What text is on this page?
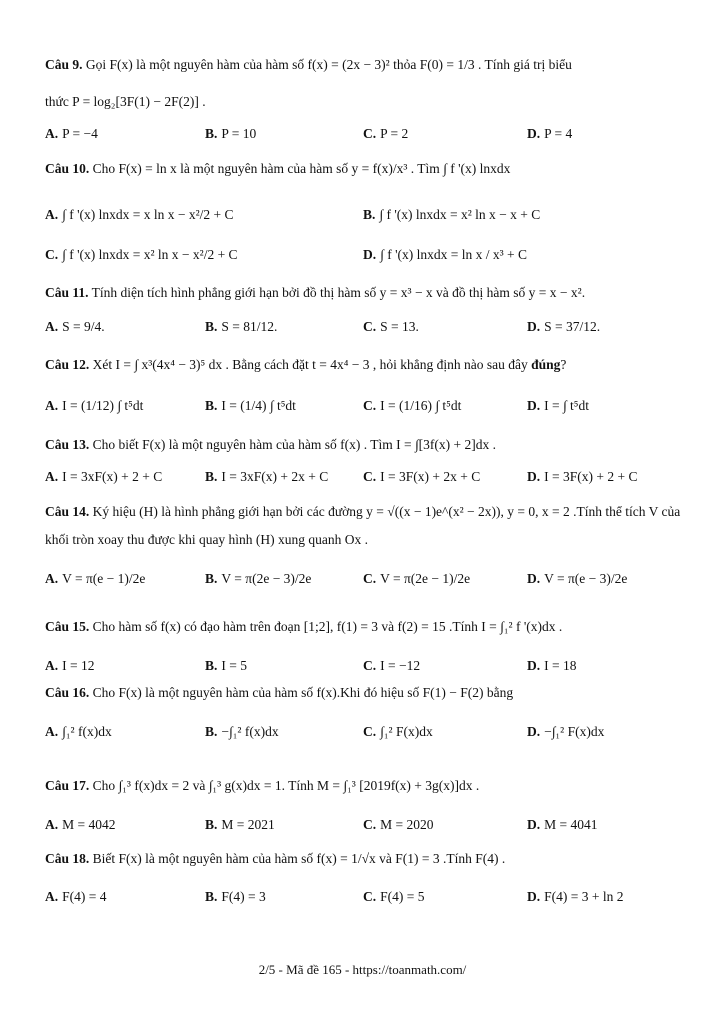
Câu 9. Gọi F(x) là một nguyên hàm của hàm số f(x) = (2x − 3)² thỏa F(0) = 1/3 . Tính giá trị biểu
thức P = log₂[3F(1) − 2F(2)] .
A. P = −4	B. P = 10	C. P = 2	D. P = 4
Câu 10. Cho F(x) = ln x là một nguyên hàm của hàm số y = f(x)/x³ . Tìm ∫ f '(x) lnxdx
A. ∫ f '(x) lnxdx = x ln x − x²/2 + C	B. ∫ f '(x) lnxdx = x² ln x − x + C
C. ∫ f '(x) lnxdx = x² ln x − x²/2 + C	D. ∫ f '(x) lnxdx = ln x / x³ + C
Câu 11. Tính diện tích hình phẳng giới hạn bởi đồ thị hàm số y = x³ − x và đồ thị hàm số y = x − x².
A. S = 9/4.	B. S = 81/12.	C. S = 13.	D. S = 37/12.
Câu 12. Xét I = ∫ x³(4x⁴ − 3)⁵ dx . Bằng cách đặt t = 4x⁴ − 3 , hỏi khẳng định nào sau đây đúng?
A. I = (1/12) ∫ t⁵dt	B. I = (1/4) ∫ t⁵dt	C. I = (1/16) ∫ t⁵dt	D. I = ∫ t⁵dt
Câu 13. Cho biết F(x) là một nguyên hàm của hàm số f(x) . Tìm I = ∫[3f(x) + 2]dx .
A. I = 3xF(x) + 2 + C	B. I = 3xF(x) + 2x + C	C. I = 3F(x) + 2x + C	D. I = 3F(x) + 2 + C
Câu 14. Ký hiệu (H) là hình phẳng giới hạn bởi các đường y = √((x − 1)e^(x² − 2x)), y = 0, x = 2 .Tính thể tích V của
khối tròn xoay thu được khi quay hình (H) xung quanh Ox .
A. V = π(e − 1)/2e	B. V = π(2e − 3)/2e	C. V = π(2e − 1)/2e	D. V = π(e − 3)/2e
Câu 15. Cho hàm số f(x) có đạo hàm trên đoạn [1;2], f(1) = 3 và f(2) = 15 .Tính I = ∫₁² f '(x)dx .
A. I = 12	B. I = 5	C. I = −12	D. I = 18
Câu 16. Cho F(x) là một nguyên hàm của hàm số f(x).Khi đó hiệu số F(1) − F(2) bằng
A. ∫₁² f(x)dx	B. −∫₁² f(x)dx	C. ∫₁² F(x)dx	D. −∫₁² F(x)dx
Câu 17. Cho ∫₁³ f(x)dx = 2 và ∫₁³ g(x)dx = 1. Tính M = ∫₁³ [2019f(x) + 3g(x)]dx .
A. M = 4042	B. M = 2021	C. M = 2020	D. M = 4041
Câu 18. Biết F(x) là một nguyên hàm của hàm số f(x) = 1/√x và F(1) = 3 .Tính F(4) .
A. F(4) = 4	B. F(4) = 3	C. F(4) = 5	D. F(4) = 3 + ln 2
2/5 - Mã đề 165 - https://toanmath.com/
